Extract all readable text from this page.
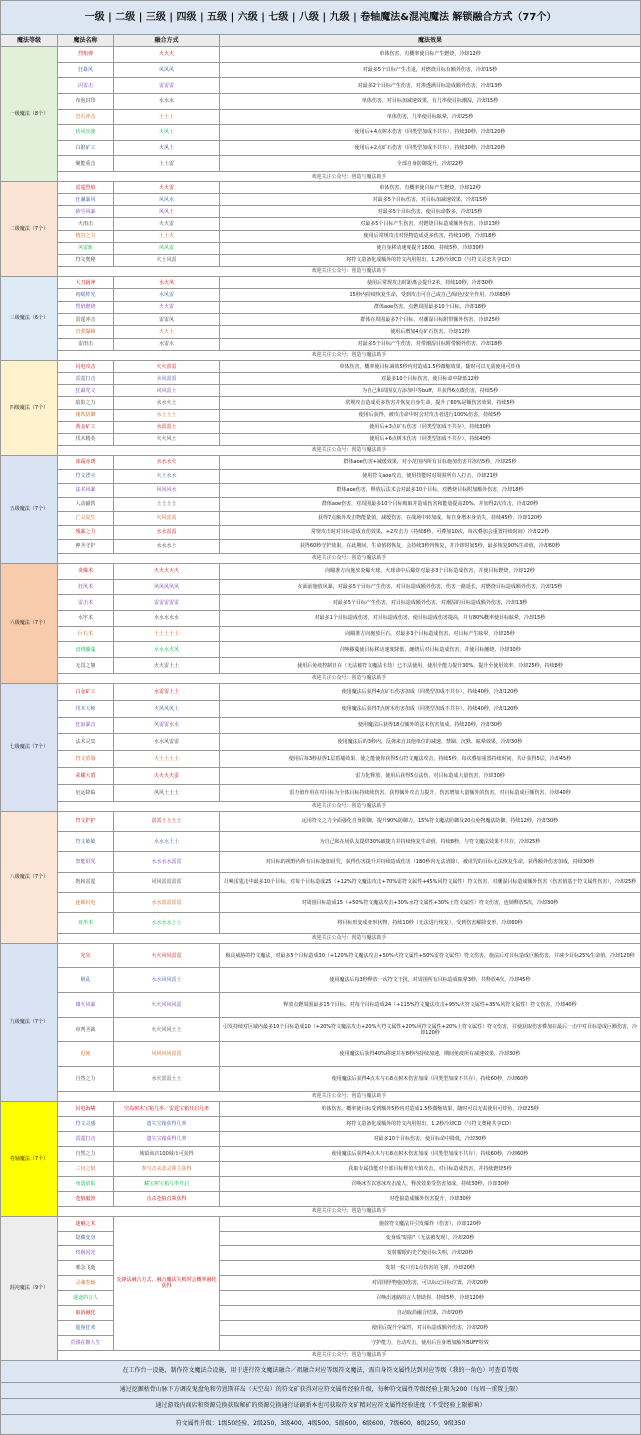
一级 | 二级 | 三级 | 四级 | 五级 | 六级 | 七级 | 八级 | 九级 | 卷轴魔法&混沌魔法 解锁融合方式（77个）			
魔法等级	魔法名称	融合方式	魔法效果
一级魔法（8个）	烈焰弹	火火火	单体伤害，有概率使目标产生燃烧，冷却12秒
	狂暴风	风风风	对最多5个目标产生击退，对燃烧目标有额外伤害，冷却15秒
	闪雷击	雷雷雷	对最多2个目标产生伤害，对渗透满目标造成额外伤害，冷却13秒
	布泡封印	水水水	单体伤害，对目标加减速效果，有几率使目标潮湿，冷却15秒
	岩石冲击	土土土	单体伤害，几率使目标眩晕，冷却25秒
	伏风步使	火风土	使用后+4点树木伤害（同类型加成不共存），持续30秒，冷却120秒
	白银矿工	火风土	使用后+2点矿石伤害（同类型加成不共存），持续30秒，冷却120秒
	聚能重击	土土雷	全部自身防御提升，冷却22秒
	欢迎关注公众号：创造与魔法助手		
二级魔法（7个）	雷霆烈焰	火火雷	单体伤害，有概率使目标产生燃烧，冷却12秒
	狂澜暴风	风风水	对最多5个目标伤害，对目标加减速效果，冷却15秒
	砂尘风暴	风风土	对最多5个目标伤害，使目标命数多，冷却15秒
	火雨击	火火雷	对最多5个目标产生伤害，对燃烧目标造成额外伤害，冷却13秒
	熔岩之力	土土火	使用后常规攻击对怪物造成更多伤害，持续10秒，冷却18秒
	风雷斩	风风雷	使自身移动速度提升1800，持续5秒，冷却30秒
	符文奥秘	火土风雷	将符文造备化成额外的符文内用射出，1.2秒冷却CD（与符文灵恋共享CD）
	欢迎关注公众号：创造与魔法助手		
三级魔法（6个）	大刀阔斧	水火风	使用后常规攻击时距离会提升2米，持续10秒，冷却30秒
	初级阵光	水风雷	15秒内持续恢复生命，受到攻击可自己或自己/绿色/安全作用，冷却80秒
	烈焰燃烧	火火雷	群体aoe伤害，点燃周围最多10个目标，冷却18秒
	雷霆冲击	雷雷风	群体在周围最多7个目标，对潮湿目标附带额外伤害，冷却25秒
	岩浆爆障	火火土	使用后增加4点矿石伤害，冷却12秒
	雷雨击	水雷水	对最多5个目标产生伤害，对带潮湿目标附带额外伤害，冷却18秒
	欢迎关注公众号：创造与魔法助手		
四级魔法（7个）	闪电攻击	火火雷雷	单体伤害，概率使目标减效5秒内对造成1.5秒微缩效果，随时可以无需使用可炸鱼
	雷霆打击	水风雷雷	对最多10个目标伤害，使目标命中降低12秒
	狂瀑咒文	风风雷土	为自己和周围友方添加中等buff，并获得6点微伤害，持续5秒
	暗影之力	水水火土	常规攻击造成更多伤害并恢复自身生命，提升了60%是额伤害效果，持续5秒
	刚铁防御	水土土土	使用后获得，被攻击命中时会对攻击者进行100%伤害，持续5秒
	黄金矿工	水雷雷土	使用后+3点矿石伤害（同类型加成不共存），持续30秒
	伐木精英	火火风土	使用后+6点树木伤害（同类型加成不共存），持续40秒
	欢迎关注公众号：创造与魔法助手		
五级魔法（7个）	冰霜赤诱	水水水火	群体aoe伤害+减缓效果，对小范围内所有目标施加伤害并冻结5秒，冷却25秒
	符文湮灭	火土水水	使用符文aoe攻击，使用技能时对周围所有人打击，冷却21秒
	法术风暴	风风风水	群体aoe伤害，释放后法术会对最多10个目标，对燃烧目标附加额外伤害，冷却18秒
	人动磁铁	土土土土	群体aoe伤害，对周围最多10个目标吸取并造成伤害和能量提高20%，并加得2次攻击，冷却20秒
	亡灵复生	火风雷雷	获得7点额外攻击物能量值，减缓伤害，在战场中转加成，每自身增本身消失，持续45秒，冷却120秒
	残暴之力	水水雷雷	常规攻击时对目标造成直伤效果，+2攻击力（持续8秒，可叠加10次，每次叠加会重置持续时间）冷却22秒
	神圣守护	水水水土	获得60秒守护效果，在此期间，生命值将恢复，会持续3秒内恢复，并冷却时间5秒，最多恢复90%生命值，冷却60秒
	欢迎关注公众号：创造与魔法助手		
六级魔法（7个）	炎爆术	火火火火火	向瞄准方向施放炎爆火球，火球命中后爆炸对最多3个目标造成伤害，并使目标燃烧，冷却12秒
	狂风术	风风风风风	在面前施放风暴，对最多5个目标产生伤害，对目标造成额外伤害，伤害一路延长，对燃烧目标造成额外伤害，冷却15秒
	雷击术	雷雷雷雷雷	对最多5个目标产生伤害，对目标造成额外伤害，对潮湿的目标造成额外伤害，冷却13秒
	水牢术	水水水水水	对最多1个目标造成伤害，对目标造成伤害，使目标造成伤害提高，并有80%概率使目标眩晕，冷却15秒
	巨石术	土土土土土	向瞄准方向施放巨石，对最多3个目标造成伤害，对目标产生眩晕，冷却25秒
	盘绕藤蔓	水水水火风	召唤藤蔓使目标移动速度降低，缠绕后对目标造成伤害，并使目标缠绕，冷却30秒
	无畏之躯	火火雷土土	使用后免疫控制且在（无法被符文魔法卡劫）已不法使用，使用全能力提升30%，提升至使用效率，冷却25秒，持续8秒
	欢迎关注公众号：创造与魔法助手		
七级魔法（7个）	白金矿工	水雷雷土土	使用魔法后获得4点矿石伤害加成（同类型加成不共存），持续40秒，冷却120秒
	伐木大师	火风风风土	使用魔法后获得7点树木伤害加成（同类型加成不共存），持续40秒，冷却120秒
	狂浪暴击	风雷雷水水	使用魔法后获得18点额外的法术伤害加成，持续20秒，冷却30秒
	法术灵冥	水水风雷雷	使用魔法后的3秒内，反弹来自其他单位的减速、禁锢、沉默、眩晕效果，冷却30秒
	符文盾墙	火土土土土	使用后每3秒获得1层盾墙效果，使之能使你获得5点符文魔法攻击，持续5秒，每次叠加重置持续时间，共计获得5层，冷却45秒
	荣耀大盾	火火火火雷	雷力化释放，使用后获得5点法伤，对目标造成大量伤害，冷却30秒
	厄运降临	风风土土土	雷力值作用在对目标为全体目标持续续伤害，获得额外攻击力提升，伤害增加大量额外的伤害，对目标造成巨额伤害，冷却40秒
	欢迎关注公众号：创造与魔法助手		
八级魔法（7个）	符文护护	雷雷土土土土	运用符文之力全面强化自身防御，提升90%防御力，15%符文魔法防御及20点免物魔法防御，持续12秒，冷却30秒
	符文敏敏	水水水土土	为自己和在场队友提供30%敏捷力并持续恢复生命值，持续8秒，与符文魔法效果不共存，冷却25秒
	祭能诅咒	水水水水雷雷	对目标的视野内所有目标施加诅咒，获得伤害提升并持续造成伤害（180秒内无法清除），被诅咒的目标无法恢复生命，获得额外伤害加成，持续30秒
	饱和雷霆	风风雷雷雷雷	召唤雷霆击中最多10个目标，对每个目标造成25（+12%符文魔法攻击+70%雷符文属性+45%风符文属性）符文伤害，对潮湿目标造成额外伤害（伤害值基于符文属性伤害），冷却25秒
	连锁闪电	水水雷雷雷雷	对周围目标造成15（+50%符文魔法攻击+30%水符文属性+30%土符文属性）符文伤害，连锁释放5次，冷却30秒
	亚形术	水水水水土土	将目标形变成亚形状物，持续10秒（无法进行恢复），受到伤害解除变形，冷却60秒
	欢迎关注公众号：创造与魔法助手		
九级魔法（7个）	光灾	火火风风雷雷	极具威胁的符文魔法，对最多5个目标造成30（+120%符文魔法攻击+50%火符文属性+50%雷符文属性）符文伤害，施法后对目标造成巨额伤害，并减少目标25%生命值，冷却120秒
	极乱	水水风风雷土	使用魔法后每3秒释放一次符文干扰，对周围所有目标造成眩晕3秒，共释放4次，冷却45秒
	雄火风暴	火火风风风雷	释放点燃周围最多15个目标，对每个目标造成24（+115%符文魔法攻击+95%火符文属性+35%风符文属性）符文伤害，冷却40秒
	审判圣裁	火火风风土土	引发持续对区域内最多10个目标造成10（+20%符文魔法攻击+20%火符文属性+20%风符文属性+20%土符文属性）符文伤害，并使获取伤害叠加在最后一击中对目标造成巨额伤害，冷却120秒
	迟钝	风风风风雷雷	使用魔法后获得40%移速并在8秒内持续加速，期间免疫所有减速效果，冷却30秒
	自然之力	水火雷雷土土	使用魔法后获得4点木与石8点树木伤害加成（同类型加成不共存），持续60秒，冷却60秒
	欢迎关注公众号：创造与魔法助手		
卷轴魔法（7个）	闪电海啸	空岛树木宝箱几率／雷霆宝箱开启几率	单体伤害，概率使目标受到额外5秒内对造成1.5秒微缩效果，随时可以无需使用可炸鱼，冷却25秒
	符文灵感	遗失宝箱获得几率	将符文造备化成额外的符文内用射出，1.2秒冷却CD（与符文奥秘共享CD）
	雷霆打击	遗失宝箱获得几率	对最多10个目标伤害，使目标命中降低，冷却30秒
	自然之力	城镇商店100城市可获得	使用魔法后获得4点木与石8点树木伤害加成（同类型加成不共存），持续60秒，冷却60秒
	三官之焰	参与击杀恶灵领主获得	获取专属技能对全部目标释放火焰攻击，对目标造成伤害，并持续燃烧5秒
	角落焰影	藏宝树宝箱几率开启	召唤冰雪以寒冰攻击敌人，释放效果受伤害加成，持续30秒，冷却30秒
	苍狼毅勃	击杀苍狼首领获得	对苍狼造成额外伤害提升，冷却30秒
	欢迎关注公众号：创造与魔法助手		
混沌魔法（9个）	迷魅之术	先锋法融合方式，融合魔法失败时会概率融化获得	施放符文魔法并引发爆炸（伤害），冷却120秒
	隐藏变身		变身成"暗影"（无法被发现），冷却20秒
	终极闪光		发射耀眼的光芒使目标失明，冷却20秒
	邪念飞逝		发射一枚只有1点伤害的飞弹，冷却20秒
	灵魂卷轴		对周围怪物施加伤害，可以标记目标位置，冷却20秒
	迷途的言人		召唤出迷路的言人帮助你，持续5秒，冷却120秒
	取消融化		自动取消融合结果，冷却20秒
	超频狂欢		使用后提升全属性，对目标造成额外伤害，冷却20秒
	荒谬在朝人生		守护能力，自动攻击，使用后自身增加额外BUFF特效
	欢迎关注公众号：创造与魔法助手		
在工作台一设施，制作符文魔法合设施，用于进行符文魔法融合／祖融合对应等级符文魔法，需自身符文属性达到对应等级（我的一角色）可查看等级			
通过挖掘枯骨山脉下方调皮鬼盘龟和劳恩斯祥岛（天空岛）的符文矿获得对应符文属性经验升级，每种符文属性等级经验上限为200（每周一重置上限）			
通过游戏内商店和资源兑换获取秘矿的资源兑换通行证刷新本也可获取符文矿精对应符文属性经验进度（不受经验上限影响）			
符文属性升级：1级50经验，2级250，3级400，4级500，5级600，6级600，7级600，8级250，9级350			
